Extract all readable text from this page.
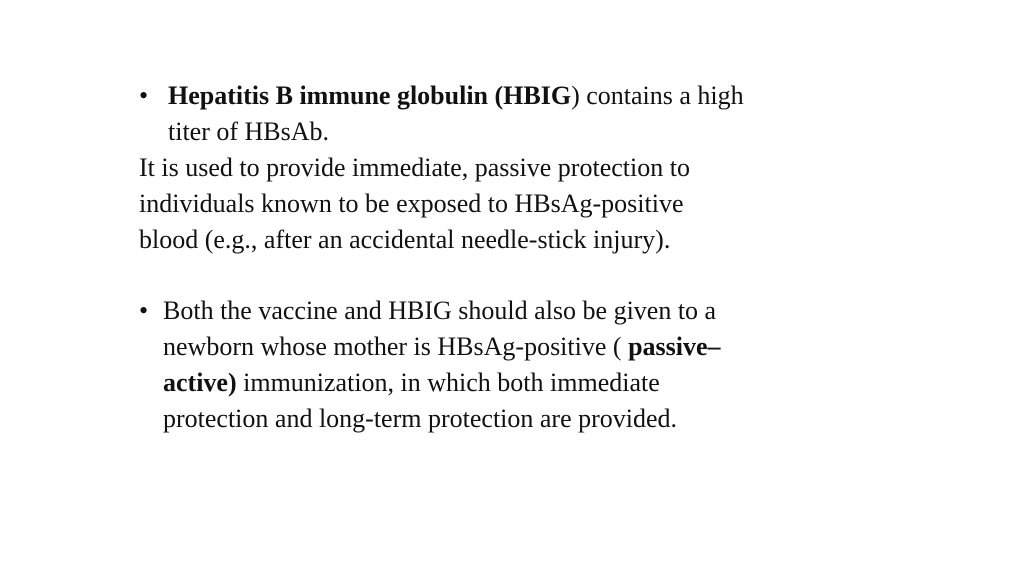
• Hepatitis B immune globulin (HBIG) contains a high
titer of HBsAb.
It is used to provide immediate, passive protection to
individuals known to be exposed to HBsAg-positive
blood (e.g., after an accidental needle-stick injury).
• Both the vaccine and HBIG should also be given to a
newborn whose mother is HBsAg-positive ( passive–
active) immunization, in which both immediate
protection and long-term protection are provided.
